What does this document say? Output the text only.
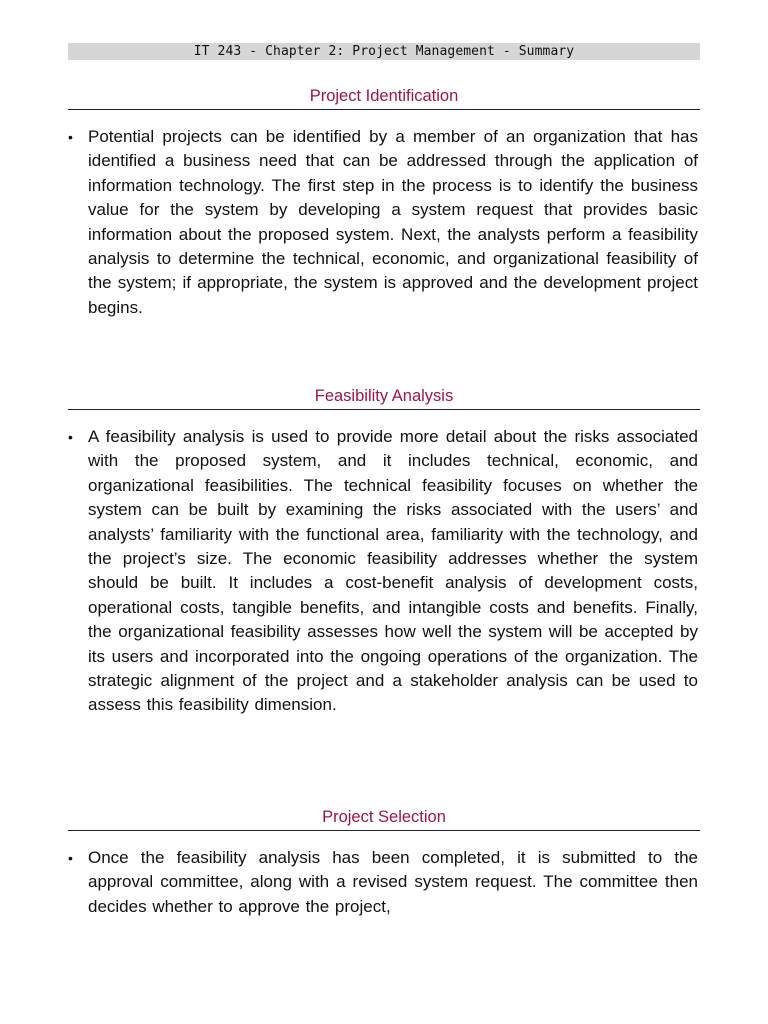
IT 243 - Chapter 2: Project Management - Summary
Project Identification
• Potential projects can be identified by a member of an organization that has identified a business need that can be addressed through the application of information technology. The first step in the process is to identify the business value for the system by developing a system request that provides basic information about the proposed system. Next, the analysts perform a feasibility analysis to determine the technical, economic, and organizational feasibility of the system; if appropriate, the system is approved and the development project begins.
Feasibility Analysis
• A feasibility analysis is used to provide more detail about the risks associated with the proposed system, and it includes technical, economic, and organizational feasibilities. The technical feasibility focuses on whether the system can be built by examining the risks associated with the users’ and analysts’ familiarity with the functional area, familiarity with the technology, and the project’s size. The economic feasibility addresses whether the system should be built. It includes a cost-benefit analysis of development costs, operational costs, tangible benefits, and intangible costs and benefits. Finally, the organizational feasibility assesses how well the system will be accepted by its users and incorporated into the ongoing operations of the organization. The strategic alignment of the project and a stakeholder analysis can be used to assess this feasibility dimension.
Project Selection
• Once the feasibility analysis has been completed, it is submitted to the approval committee, along with a revised system request. The committee then decides whether to approve the project,
